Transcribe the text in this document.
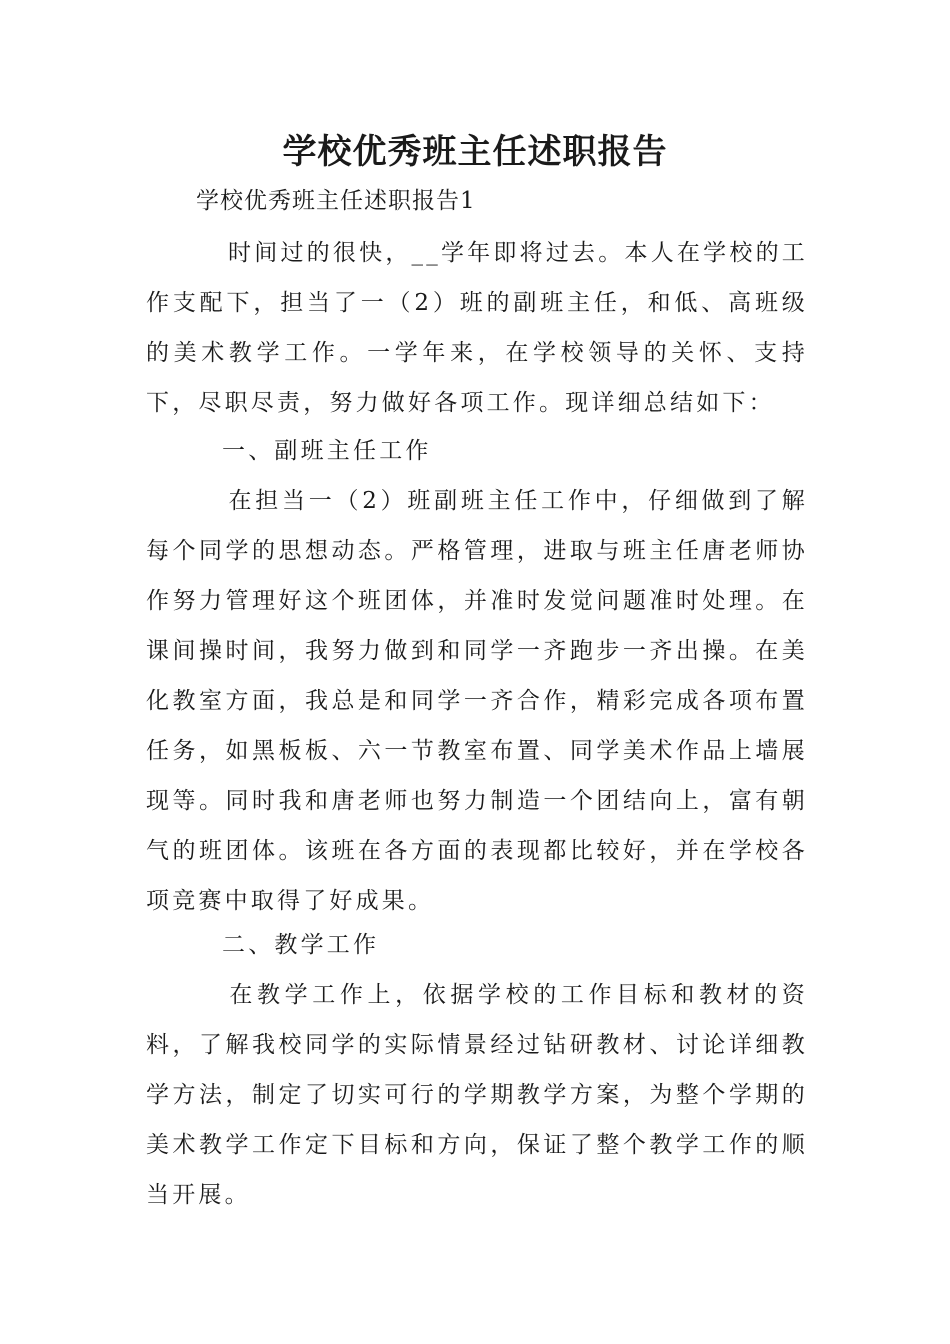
学校优秀班主任述职报告
学校优秀班主任述职报告1
时间过的很快，__学年即将过去。本人在学校的工作支配下，担当了一（2）班的副班主任，和低、高班级的美术教学工作。一学年来，在学校领导的关怀、支持下，尽职尽责，努力做好各项工作。现详细总结如下：
一、副班主任工作
在担当一（2）班副班主任工作中，仔细做到了解每个同学的思想动态。严格管理，进取与班主任唐老师协作努力管理好这个班团体，并准时发觉问题准时处理。在课间操时间，我努力做到和同学一齐跑步一齐出操。在美化教室方面，我总是和同学一齐合作，精彩完成各项布置任务，如黑板板、六一节教室布置、同学美术作品上墙展现等。同时我和唐老师也努力制造一个团结向上，富有朝气的班团体。该班在各方面的表现都比较好，并在学校各项竞赛中取得了好成果。
二、教学工作
在教学工作上，依据学校的工作目标和教材的资料，了解我校同学的实际情景经过钻研教材、讨论详细教学方法，制定了切实可行的学期教学方案，为整个学期的美术教学工作定下目标和方向，保证了整个教学工作的顺当开展。
